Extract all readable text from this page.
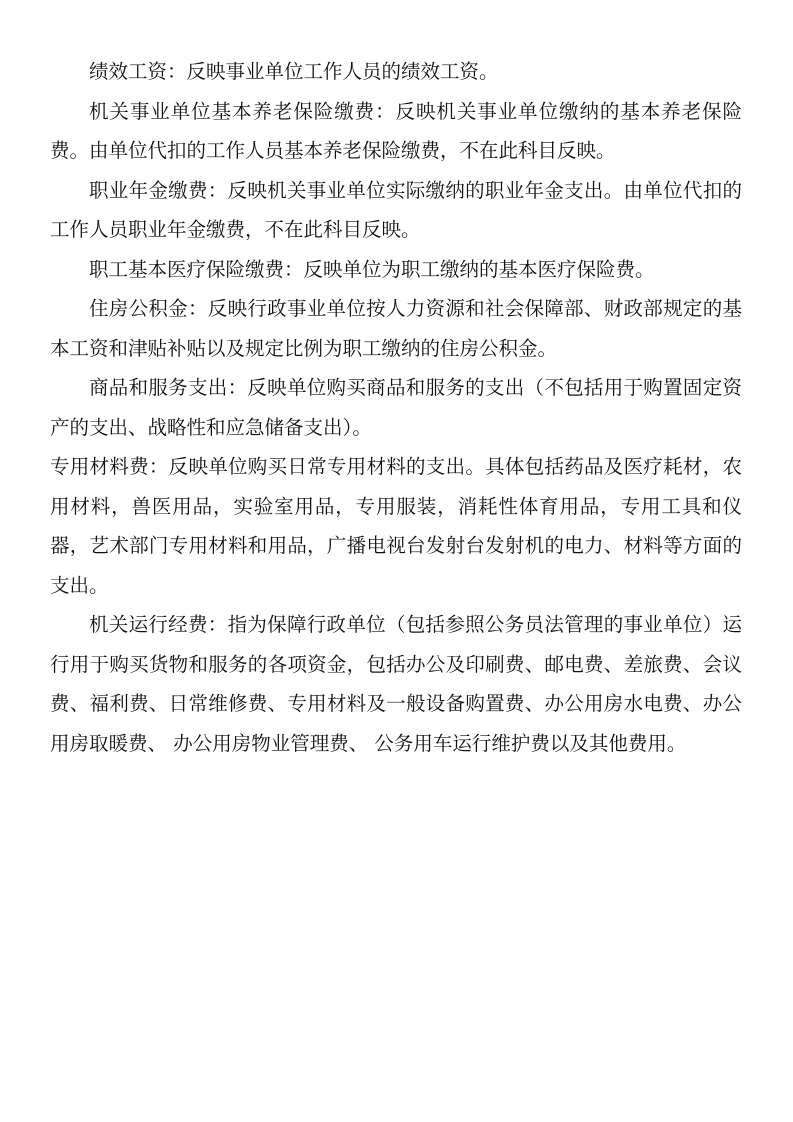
绩效工资：反映事业单位工作人员的绩效工资。

机关事业单位基本养老保险缴费：反映机关事业单位缴纳的基本养老保险费。由单位代扣的工作人员基本养老保险缴费，不在此科目反映。

职业年金缴费：反映机关事业单位实际缴纳的职业年金支出。由单位代扣的工作人员职业年金缴费，不在此科目反映。

职工基本医疗保险缴费：反映单位为职工缴纳的基本医疗保险费。

住房公积金：反映行政事业单位按人力资源和社会保障部、财政部规定的基本工资和津贴补贴以及规定比例为职工缴纳的住房公积金。

商品和服务支出：反映单位购买商品和服务的支出（不包括用于购置固定资产的支出、战略性和应急储备支出）。

专用材料费：反映单位购买日常专用材料的支出。具体包括药品及医疗耗材，农用材料，兽医用品，实验室用品，专用服装，消耗性体育用品，专用工具和仪器，艺术部门专用材料和用品，广播电视台发射台发射机的电力、材料等方面的支出。

机关运行经费：指为保障行政单位（包括参照公务员法管理的事业单位）运行用于购买货物和服务的各项资金，包括办公及印刷费、邮电费、差旅费、会议费、福利费、日常维修费、专用材料及一般设备购置费、办公用房水电费、办公用房取暖费、 办公用房物业管理费、 公务用车运行维护费以及其他费用。
